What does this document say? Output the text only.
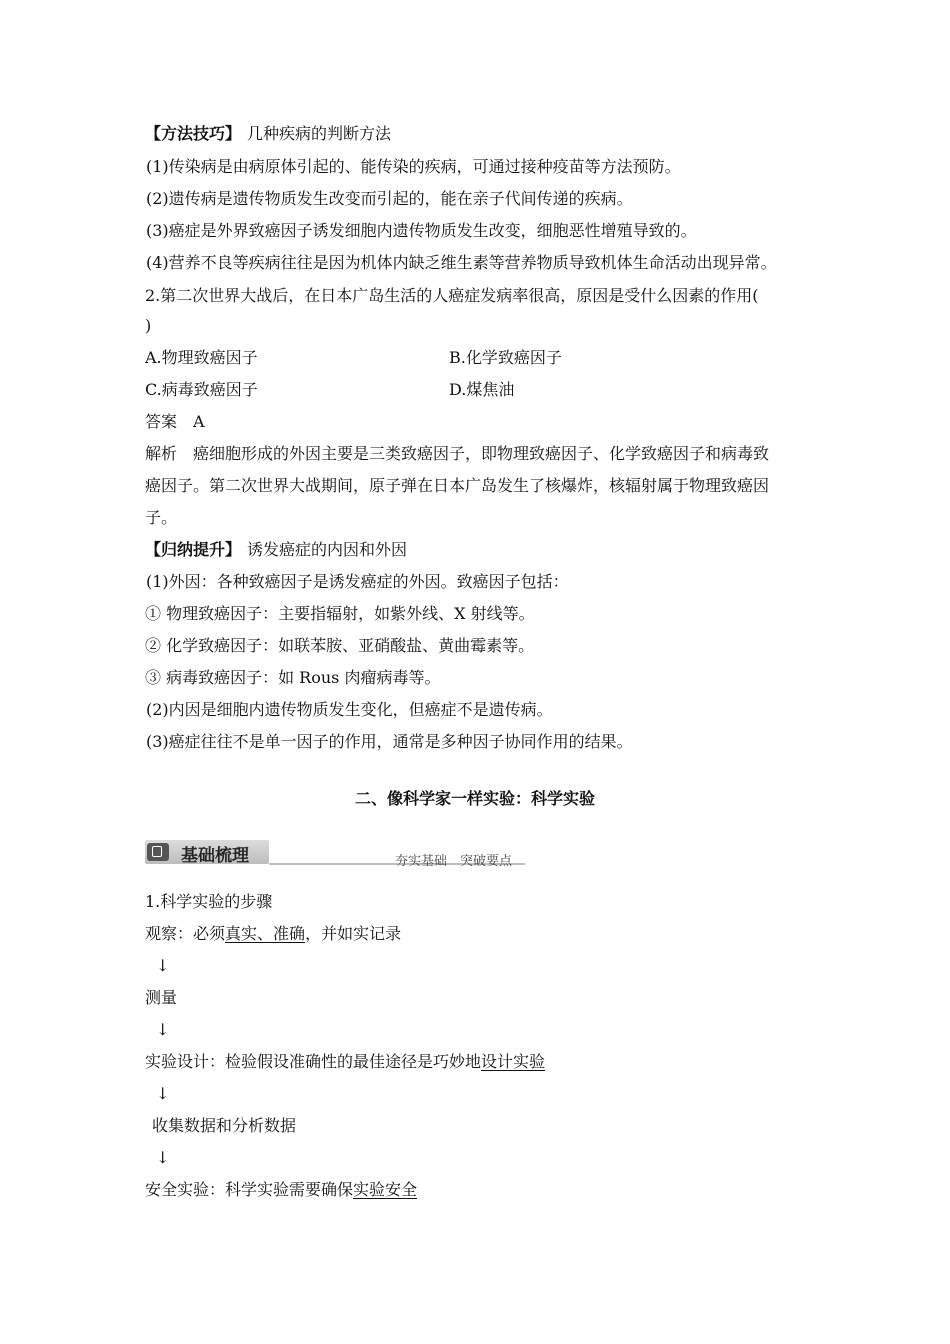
【方法技巧】 几种疾病的判断方法
(1)传染病是由病原体引起的、能传染的疾病，可通过接种疫苗等方法预防。
(2)遗传病是遗传物质发生改变而引起的，能在亲子代间传递的疾病。
(3)癌症是外界致癌因子诱发细胞内遗传物质发生改变，细胞恶性增殖导致的。
(4)营养不良等疾病往往是因为机体内缺乏维生素等营养物质导致机体生命活动出现异常。
2.第二次世界大战后，在日本广岛生活的人癌症发病率很高，原因是受什么因素的作用(
)
A.物理致癌因子	B.化学致癌因子
C.病毒致癌因子	D.煤焦油
答案　A
解析　癌细胞形成的外因主要是三类致癌因子，即物理致癌因子、化学致癌因子和病毒致
癌因子。第二次世界大战期间，原子弹在日本广岛发生了核爆炸，核辐射属于物理致癌因
子。
【归纳提升】 诱发癌症的内因和外因
(1)外因：各种致癌因子是诱发癌症的外因。致癌因子包括：
① 物理致癌因子：主要指辐射，如紫外线、X 射线等。
② 化学致癌因子：如联苯胺、亚硝酸盐、黄曲霉素等。
③ 病毒致癌因子：如 Rous 肉瘤病毒等。
(2)内因是细胞内遗传物质发生变化，但癌症不是遗传病。
(3)癌症往往不是单一因子的作用，通常是多种因子协同作用的结果。
二、像科学家一样实验：科学实验
基础梳理	夯实基础　突破要点
1.科学实验的步骤
观察：必须真实、准确，并如实记录
↓
测量
↓
实验设计：检验假设准确性的最佳途径是巧妙地设计实验
↓
收集数据和分析数据
↓
安全实验：科学实验需要确保实验安全
